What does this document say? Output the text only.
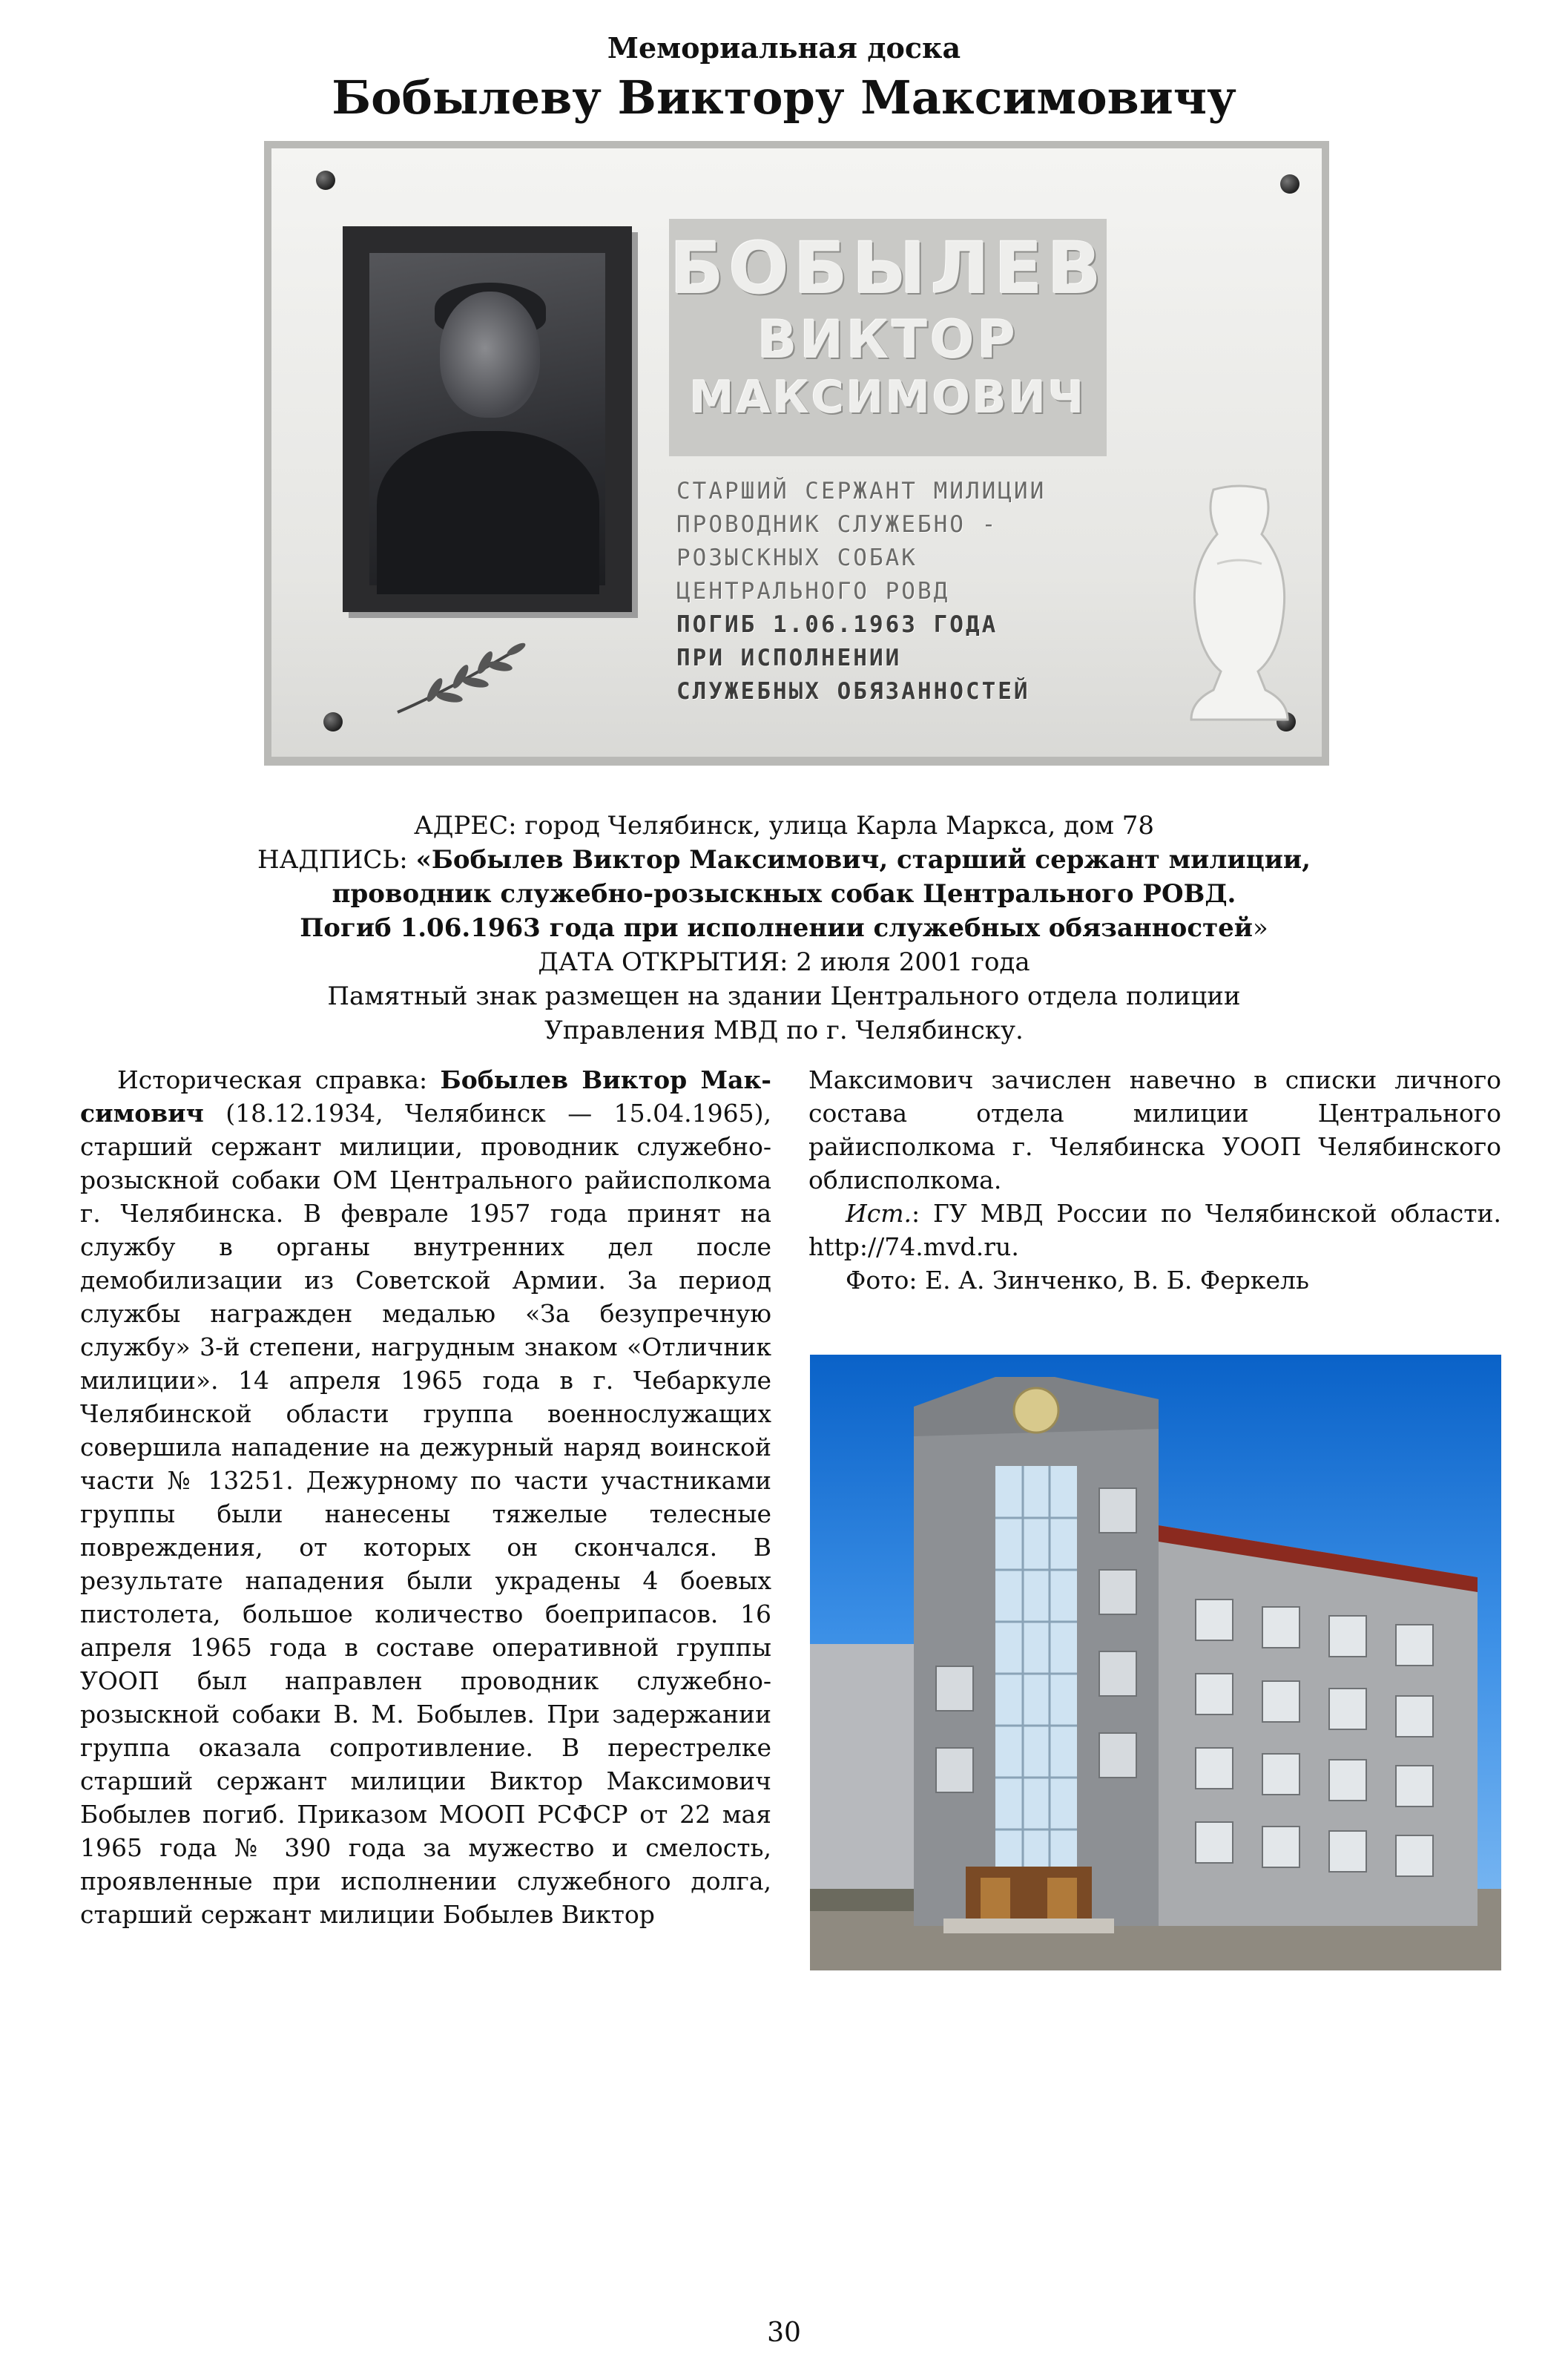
Мемориальная доска
Бобылеву Виктору Максимовичу
БОБЫЛЕВ
ВИКТОР
МАКСИМОВИЧ
СТАРШИЙ СЕРЖАНТ МИЛИЦИИ
ПРОВОДНИК СЛУЖЕБНО -
РОЗЫСКНЫХ СОБАК
ЦЕНТРАЛЬНОГО РОВД
ПОГИБ 1.06.1963 ГОДА
ПРИ ИСПОЛНЕНИИ
СЛУЖЕБНЫХ ОБЯЗАННОСТЕЙ
АДРЕС: город Челябинск, улица Карла Маркса, дом 78
НАДПИСЬ: «Бобылев Виктор Максимович, старший сержант милиции,
проводник служебно-розыскных собак Центрального РОВД.
Погиб 1.06.1963 года при исполнении служебных обязанностей»
ДАТА ОТКРЫТИЯ: 2 июля 2001 года
Памятный знак размещен на здании Центрального отдела полиции
Управления МВД по г. Челябинску.

Историческая справка: Бобылев Виктор Максимович (18.12.1934, Челябинск — 15.04.1965), старший сержант милиции, проводник служебно-розыскной собаки ОМ Центрального райисполкома г. Челябинска. В феврале 1957 года принят на службу в органы внутренних дел после демобилизации из Советской Армии. За период службы награжден медалью «За безупречную службу» 3-й степени, нагрудным знаком «Отличник милиции». 14 апреля 1965 года в г. Чебаркуле Челябинской области группа военнослужащих совершила нападение на дежурный наряд воинской части № 13251. Дежурному по части участниками группы были нанесены тяжелые телесные повреждения, от которых он скончался. В результате нападения были украдены 4 боевых пистолета, большое количество боеприпасов. 16 апреля 1965 года в составе оперативной группы УООП был направлен проводник служебно-розыскной собаки В. М. Бобылев. При задержании группа оказала сопротивление. В перестрелке старший сержант милиции Виктор Максимович Бобылев погиб. Приказом МООП РСФСР от 22 мая 1965 года № 390 года за мужество и смелость, проявленные при исполнении служебного долга, старший сержант милиции Бобылев Виктор

Максимович зачислен навечно в списки личного состава отдела милиции Центрального райисполкома г. Челябинска УООП Челябинского облисполкома.

Ист.: ГУ МВД России по Челябинской области. http://74.mvd.ru.

Фото: Е. А. Зинченко, В. Б. Феркель

30
